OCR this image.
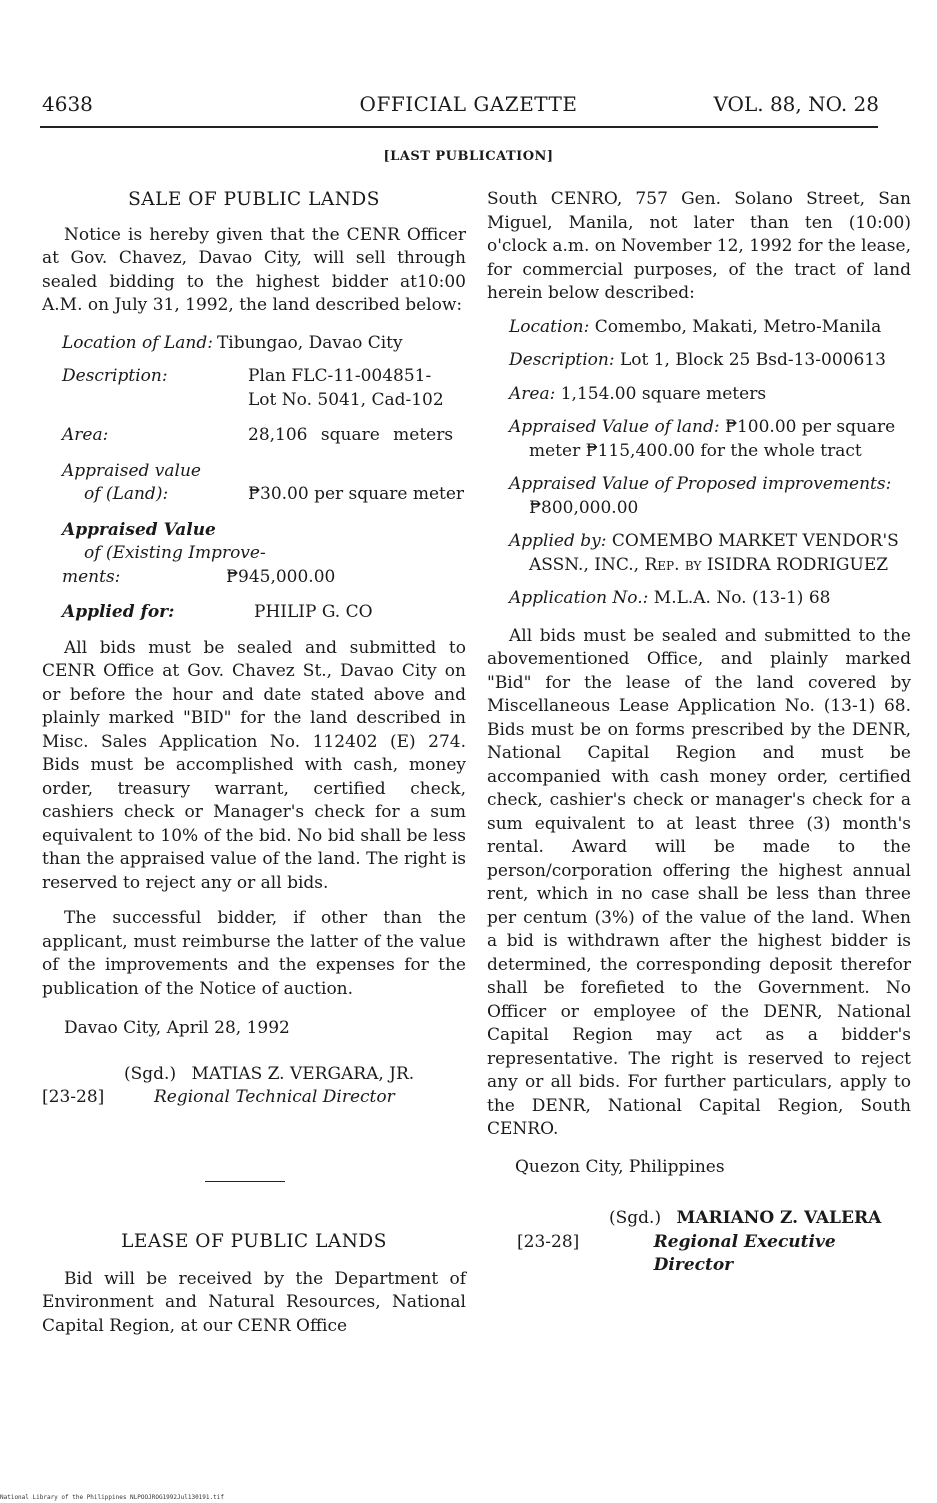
4638	OFFICIAL GAZETTE	VOL. 88, NO. 28
[LAST PUBLICATION]
SALE OF PUBLIC LANDS
Notice is hereby given that the CENR Officer at Gov. Chavez, Davao City, will sell through sealed bidding to the highest bidder at10:00 A.M. on July 31, 1992, the land described below:
Location of Land: Tibungao, Davao City
Description:	Plan FLC-11-004851-
Lot No. 5041, Cad-102
Area:	28,106 square meters
Appraised value
of (Land):	₱30.00 per square meter
Appraised Value
of (Existing Improve-
ments:	₱945,000.00
Applied for:	PHILIP G. CO
All bids must be sealed and submitted to CENR Office at Gov. Chavez St., Davao City on or before the hour and date stated above and plainly marked "BID" for the land described in Misc. Sales Application No. 112402 (E) 274. Bids must be accomplished with cash, money order, treasury warrant, certified check, cashiers check or Manager's check for a sum equivalent to 10% of the bid. No bid shall be less than the appraised value of the land. The right is reserved to reject any or all bids.
The successful bidder, if other than the applicant, must reimburse the latter of the value of the improvements and the expenses for the publication of the Notice of auction.
Davao City, April 28, 1992
(Sgd.) MATIAS Z. VERGARA, JR.
[23-28]	Regional Technical Director
LEASE OF PUBLIC LANDS
Bid will be received by the Department of Environment and Natural Resources, National Capital Region, at our CENR Office
South CENRO, 757 Gen. Solano Street, San Miguel, Manila, not later than ten (10:00) o'clock a.m. on November 12, 1992 for the lease, for commercial purposes, of the tract of land herein below described:
Location: Comembo, Makati, Metro-Manila
Description: Lot 1, Block 25 Bsd-13-000613
Area: 1,154.00 square meters
Appraised Value of land: ₱100.00 per square meter ₱115,400.00 for the whole tract
Appraised Value of Proposed improvements: ₱800,000.00
Applied by: COMEMBO MARKET VENDOR'S ASSN., INC., Rep. by ISIDRA RODRIGUEZ
Application No.: M.L.A. No. (13-1) 68
All bids must be sealed and submitted to the abovementioned Office, and plainly marked "Bid" for the lease of the land covered by Miscellaneous Lease Application No. (13-1) 68. Bids must be on forms prescribed by the DENR, National Capital Region and must be accompanied with cash money order, certified check, cashier's check or manager's check for a sum equivalent to at least three (3) month's rental. Award will be made to the person/corporation offering the highest annual rent, which in no case shall be less than three per centum (3%) of the value of the land. When a bid is withdrawn after the highest bidder is determined, the corresponding deposit therefor shall be forefieted to the Government. No Officer or employee of the DENR, National Capital Region may act as a bidder's representative. The right is reserved to reject any or all bids. For further particulars, apply to the DENR, National Capital Region, South CENRO.
Quezon City, Philippines
(Sgd.) MARIANO Z. VALERA
[23-28]	Regional Executive Director
National Library of the Philippines NLPOOJROG1992Jul130191.tif
